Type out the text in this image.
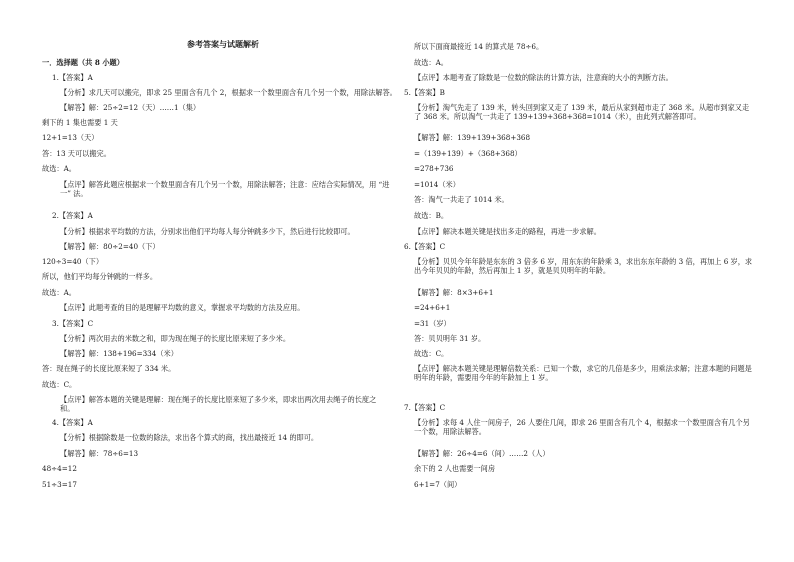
参考答案与试题解析
一．选择题（共 8 小题）
1.【答案】A
【分析】求几天可以搬完，即求 25 里面含有几个 2，根据求一个数里面含有几个另一个数，用除法解答。
【解答】解：25÷2=12（天）……1（集）
剩下的 1 集也需要 1 天
12+1=13（天）
答：13 天可以搬完。
故选：A。
【点评】解答此题应根据求一个数里面含有几个另一个数，用除法解答；注意：应结合实际情况，用 “进一” 法。
2.【答案】A
【分析】根据求平均数的方法，分别求出他们平均每人每分钟跳多少下，然后进行比较即可。
【解答】解：80÷2=40（下）
120÷3=40（下）
所以，他们平均每分钟跳的一样多。
故选：A。
【点评】此题考查的目的是理解平均数的意义，掌握求平均数的方法及应用。
3.【答案】C
【分析】两次用去的米数之和，即为现在绳子的长度比原来短了多少米。
【解答】解：138+196=334（米）
答：现在绳子的长度比原来短了 334 米。
故选：C。
【点评】解答本题的关键是理解：现在绳子的长度比原来短了多少米，即求出两次用去绳子的长度之和。
4.【答案】A
【分析】根据除数是一位数的除法，求出各个算式的商，找出最接近 14 的即可。
【解答】解：78÷6=13
48÷4=12
51÷3=17
所以下面商最接近 14 的算式是 78÷6。
故选：A。
【点评】本题考查了除数是一位数的除法的计算方法，注意商的大小的判断方法。
5.【答案】B
【分析】淘气先走了 139 米，转头回到家又走了 139 米，最后从家到超市走了 368 米。从超市到家又走了 368 米。所以淘气一共走了 139+139+368+368=1014（米），由此列式解答即可。
【解答】解：139+139+368+368
=（139+139）+（368+368）
=278+736
=1014（米）
答：淘气一共走了 1014 米。
故选：B。
【点评】解决本题关键是找出多走的路程，再进一步求解。
6.【答案】C
【分析】贝贝今年年龄是东东的 3 倍多 6 岁，用东东的年龄乘 3，求出东东年龄的 3 倍，再加上 6 岁，求出今年贝贝的年龄，然后再加上 1 岁，就是贝贝明年的年龄。
【解答】解：8×3+6+1
=24+6+1
=31（岁）
答：贝贝明年 31 岁。
故选：C。
【点评】解决本题关键是理解倍数关系：已知一个数，求它的几倍是多少，用乘法求解；注意本题的问题是明年的年龄，需要用今年的年龄加上 1 岁。
7.【答案】C
【分析】求每 4 人住一间房子，26 人要住几间，即求 26 里面含有几个 4，根据求一个数里面含有几个另一个数，用除法解答。
【解答】解：26÷4=6（间）……2（人）
余下的 2 人也需要一间房
6+1=7（间）
